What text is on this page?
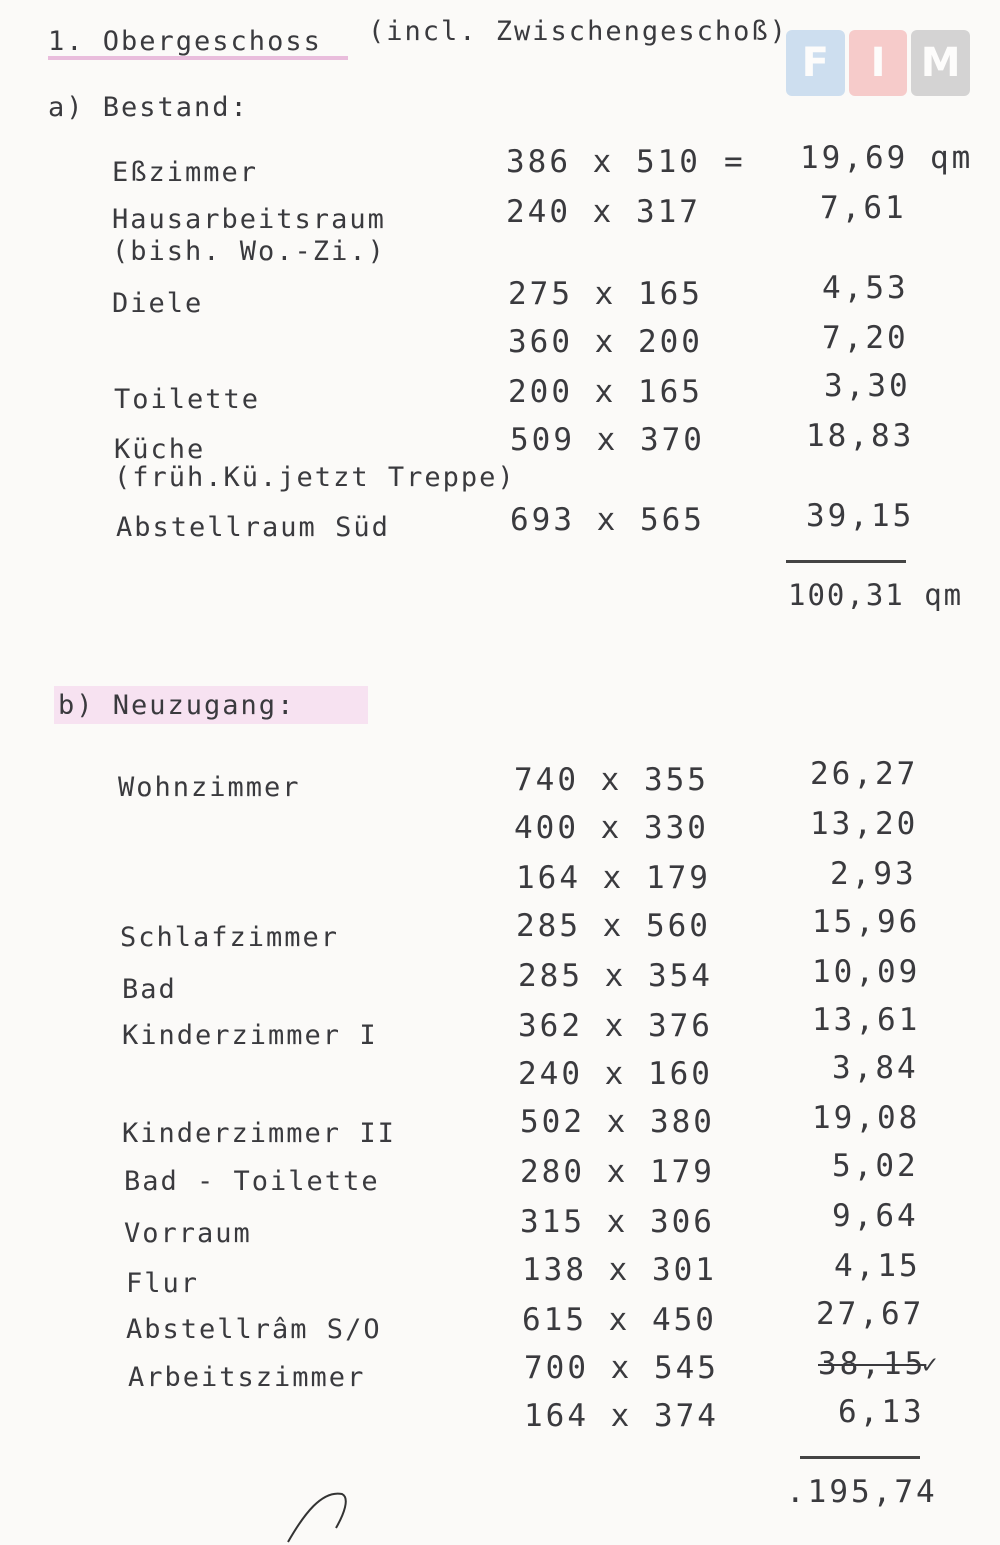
F	I M
1. Obergeschoss (incl. Zwischengeschoß)
a) Bestand:
Eßzimmer	386 x 510 = 19,69 qm
Hausarbeitsraum
(bish. Wo.-Zi.)
240 x 317	7,61
Diele	275 x 165	4,53
360 x 200	7,20
Toilette	200 x 165	3,30
Küche
(früh.Kü.jetzt Treppe)
509 x 370	18,83
Abstellraum Süd	693 x 565	39,15
100,31 qm
b) Neuzugang:
Wohnzimmer	740 x 355	26,27
400 x 330	13,20
164 x 179	2,93
Schlafzimmer	285 x 560	15,96
Bad	285 x 354	10,09
Kinderzimmer I	362 x 376	13,61
240 x 160	3,84
Kinderzimmer II	502 x 380	19,08
Bad - Toilette	280 x 179	5,02
Vorraum	315 x 306	9,64
Flur	138 x 301	4,15
Abstellrâm S/O	615 x 450	27,67
Arbeitszimmer	700 x 545	38,15
✓
164 x 374	6,13
.195,74
